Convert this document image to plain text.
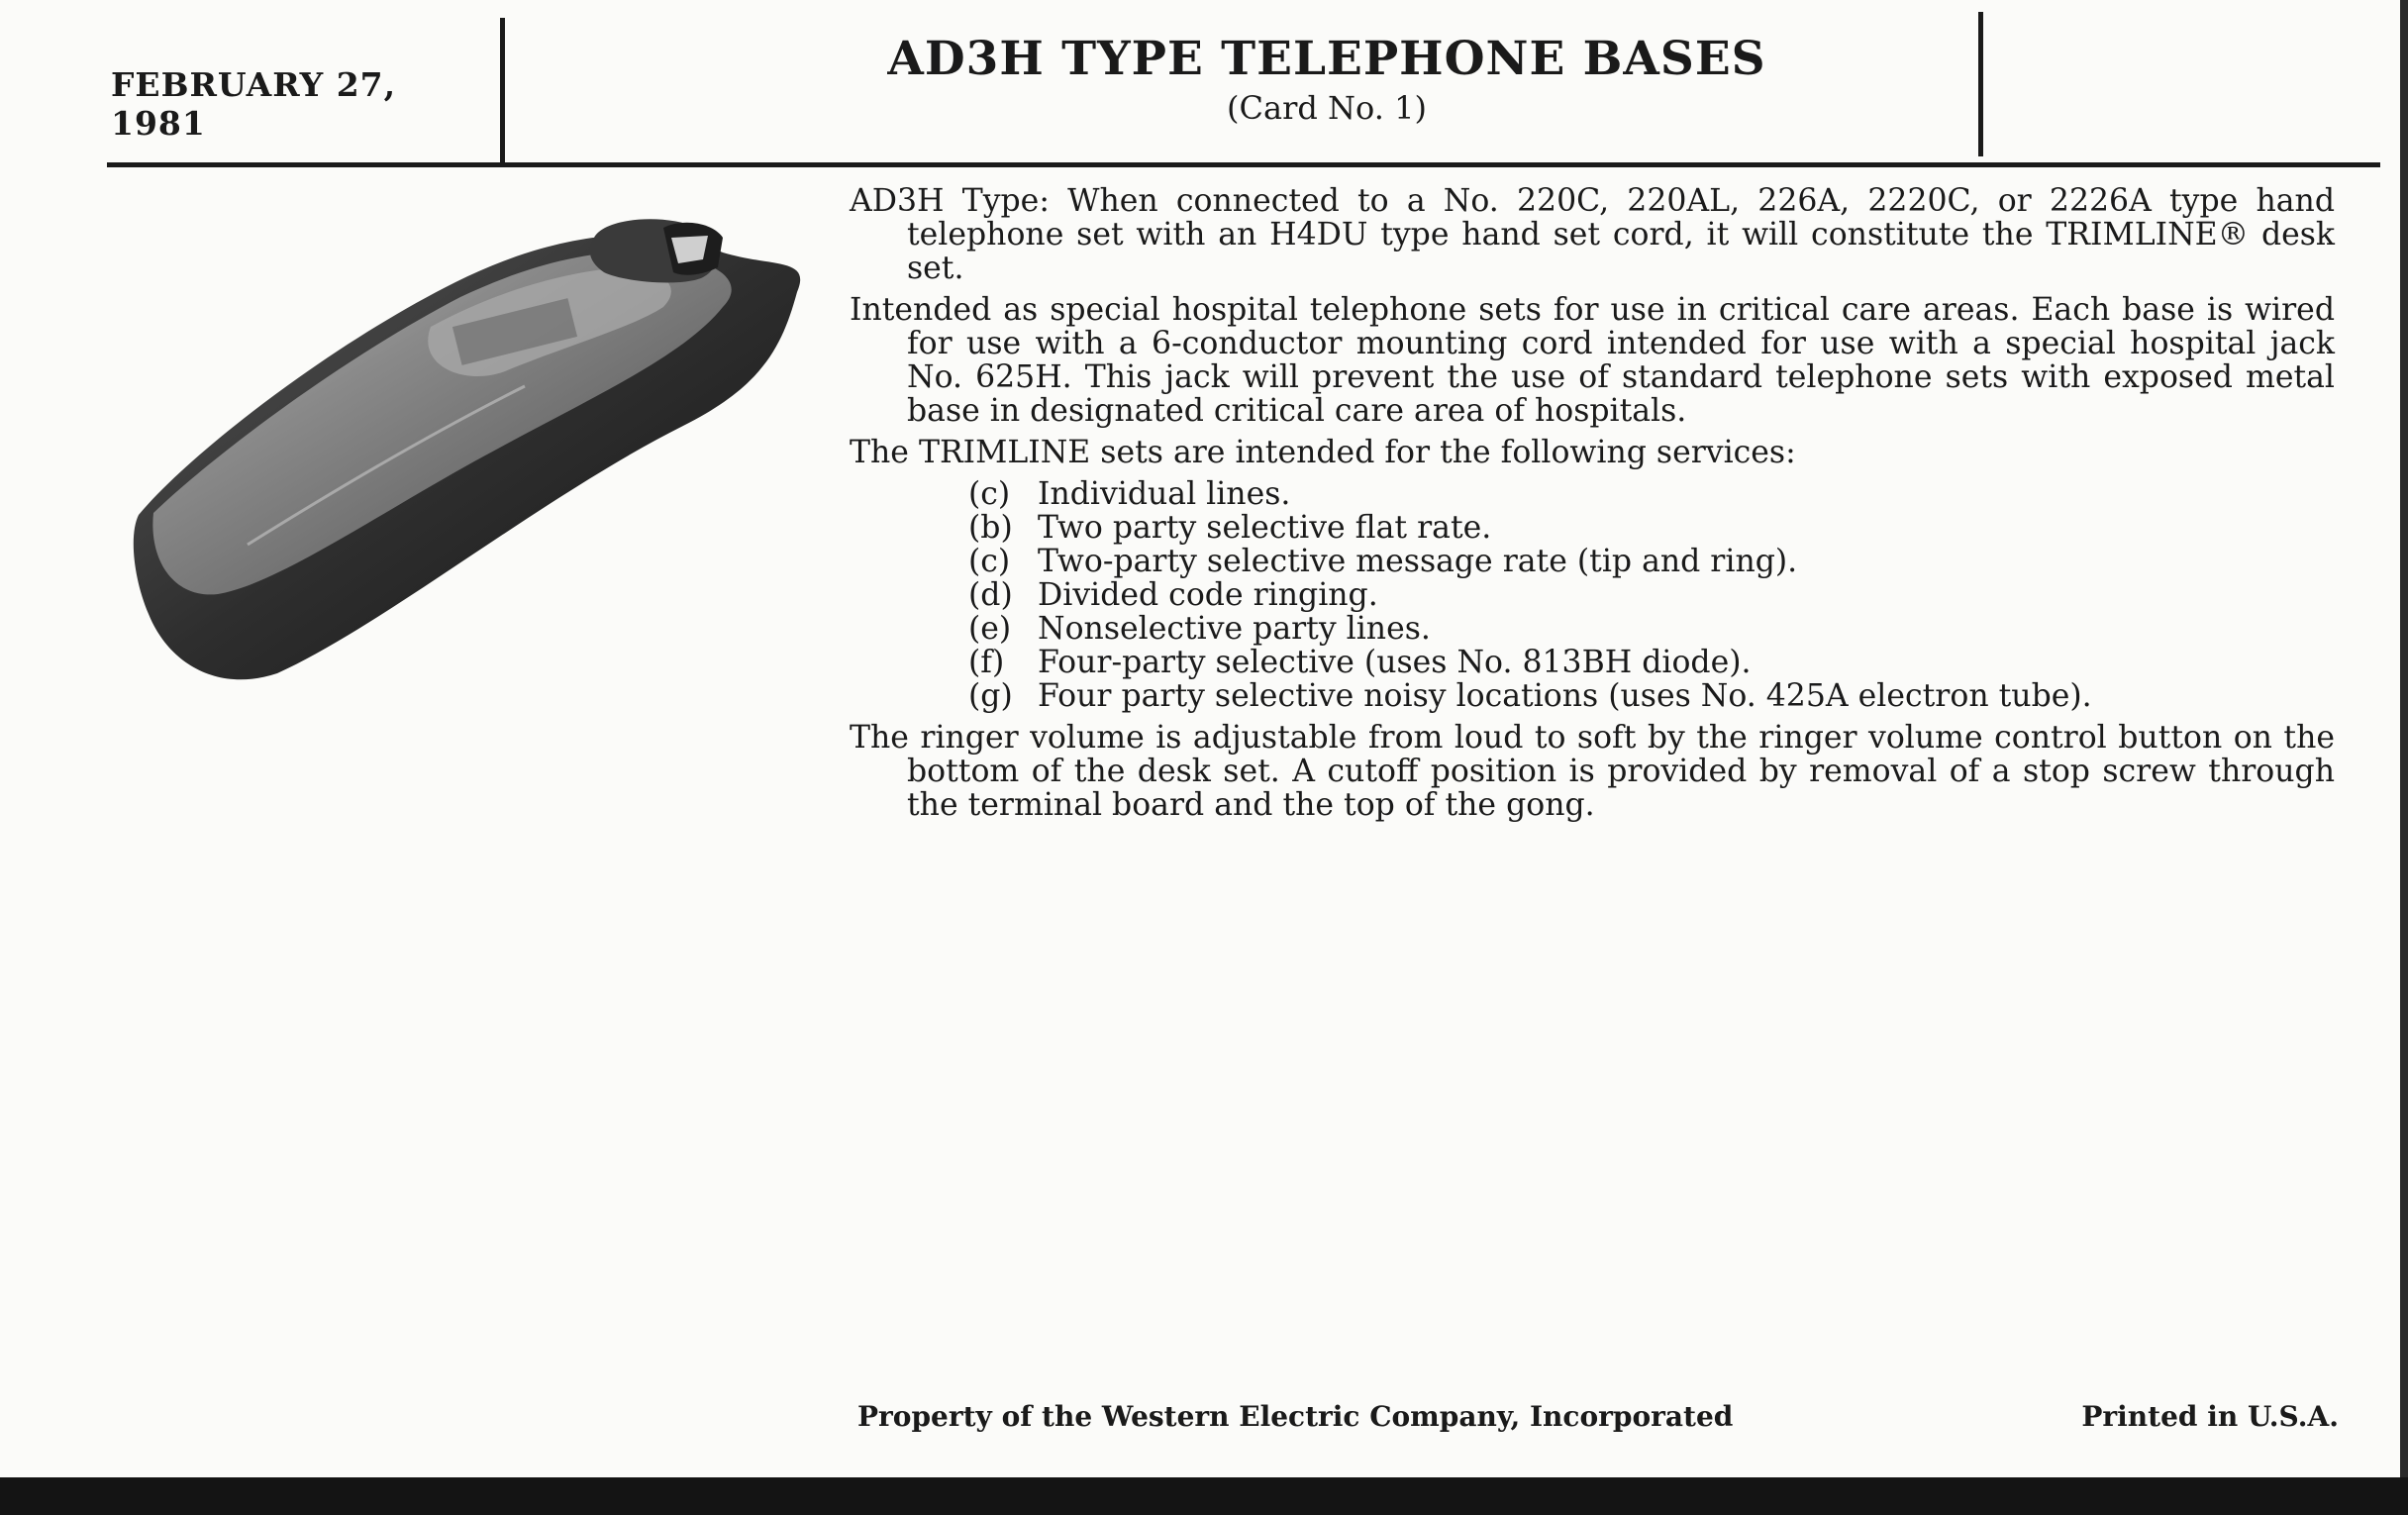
FEBRUARY 27, 1981
AD3H TYPE TELEPHONE BASES
(Card No. 1)

AD3H Type: When connected to a No. 220C, 220AL, 226A, 2220C, or 2226A type hand telephone set with an H4DU type hand set cord, it will constitute the TRIMLINE® desk set.

Intended as special hospital telephone sets for use in critical care areas. Each base is wired for use with a 6-conductor mounting cord intended for use with a special hospital jack No. 625H. This jack will prevent the use of standard telephone sets with exposed metal base in designated critical care area of hospitals.

The TRIMLINE sets are intended for the following services:

(c) Individual lines.
(b) Two party selective flat rate.
(c) Two-party selective message rate (tip and ring).
(d) Divided code ringing.
(e) Nonselective party lines.
(f) Four-party selective (uses No. 813BH diode).
(g) Four party selective noisy locations (uses No. 425A electron tube).

The ringer volume is adjustable from loud to soft by the ringer volume control button on the bottom of the desk set. A cutoff position is provided by removal of a stop screw through the terminal board and the top of the gong.

Property of the Western Electric Company, Incorporated	Printed in U.S.A.
